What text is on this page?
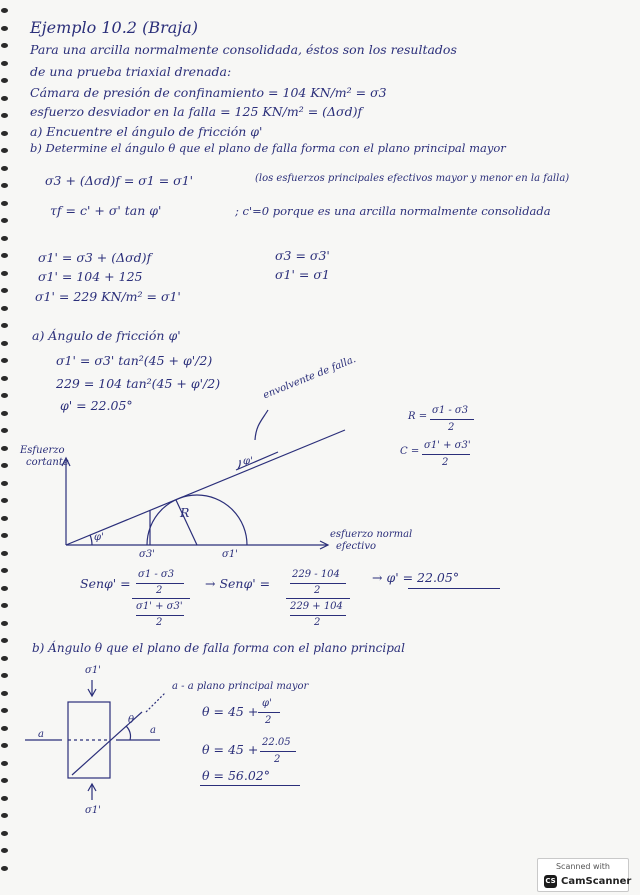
Ejemplo 10.2 (Braja)
Para una arcilla normalmente consolidada, éstos son los resultados
de una prueba triaxial drenada:
Cámara de presión de confinamiento = 104 KN/m² = σ3
esfuerzo desviador en la falla = 125 KN/m² = (Δσd)f
a) Encuentre el ángulo de fricción φ'
b) Determine el ángulo θ que el plano de falla forma con el plano principal mayor
σ3 + (Δσd)f = σ1 = σ1'	(los esfuerzos principales efectivos mayor y menor en la falla)
τf = c' + σ' tan φ'	; c'=0 porque es una arcilla normalmente consolidada
σ1' = σ3 + (Δσd)f	σ3 = σ3'
σ1' = 104 + 125	σ1' = σ1
σ1' = 229 KN/m² = σ1'
a) Ángulo de fricción φ'
σ1' = σ3' tan²(45 + φ'/2)
229 = 104 tan²(45 + φ'/2)
φ' = 22.05°
Esfuerzo
cortante
esfuerzo normal
efectivo
envolvente de falla.
R
φ'
φ'
σ3'	σ1'
R =
σ1 - σ3
2
C =
σ1' + σ3'
2
Senφ' =
σ1 - σ3
2
σ1' + σ3'
2
→ Senφ' =
229 - 104
2
229 + 104
2
→ φ' = 22.05°
b) Ángulo θ que el plano de falla forma con el plano principal
σ1'
σ1'
a - a plano principal mayor
a	a
θ
θ = 45 +
φ'
2
θ = 45 + 22.05
2
θ = 56.02°
Scanned with
CS CamScanner
